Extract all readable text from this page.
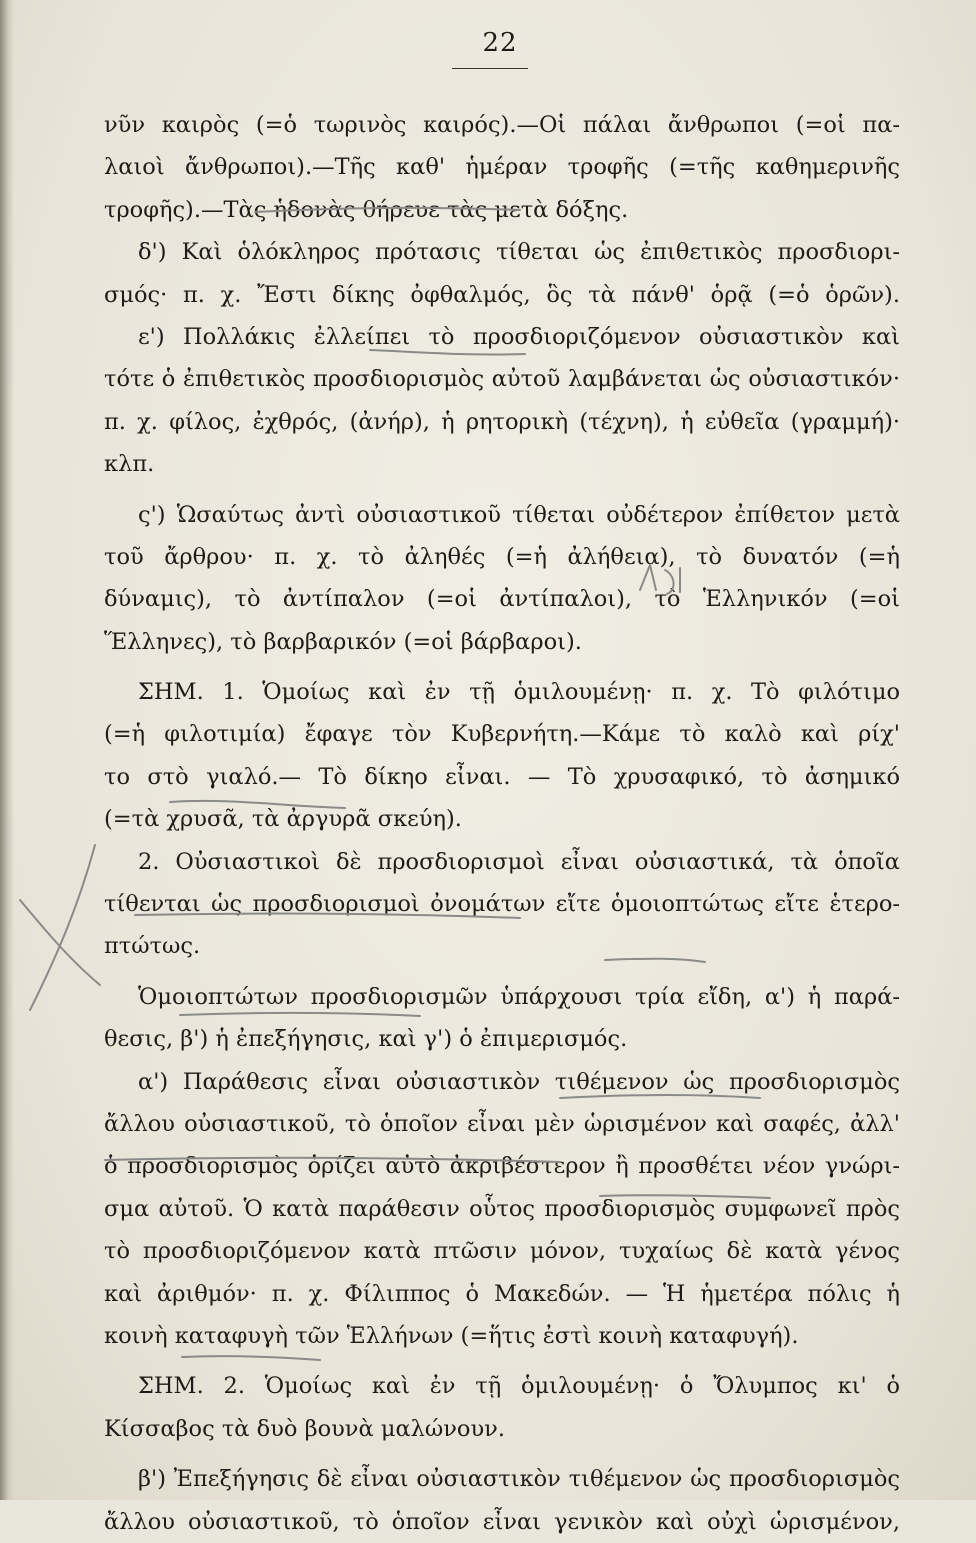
22
νῦν καιρὸς (=ὁ τωρινὸς καιρός).—Οἱ πάλαι ἄνθρωποι (=οἱ πα-
λαιοὶ ἄνθρωποι).—Τῆς καθ' ἡμέραν τροφῆς (=τῆς καθημερινῆς
τροφῆς).—Τὰς ἡδονὰς θήρευε τὰς μετὰ δόξης.
δ') Καὶ ὁλόκληρος πρότασις τίθεται ὡς ἐπιθετικὸς προσδιορι-
σμός· π. χ. Ἔστι δίκης ὀφθαλμός, ὃς τὰ πάνθ' ὁρᾷ (=ὁ ὁρῶν).
ε') Πολλάκις ἐλλείπει τὸ προσδιοριζόμενον οὐσιαστικὸν καὶ
τότε ὁ ἐπιθετικὸς προσδιορισμὸς αὐτοῦ λαμβάνεται ὡς οὐσιαστικόν·
π. χ. φίλος, ἐχθρός, (ἀνήρ), ἡ ρητορικὴ (τέχνη), ἡ εὐθεῖα (γραμμή)·
κλπ.
ς') Ὡσαύτως ἀντὶ οὐσιαστικοῦ τίθεται οὐδέτερον ἐπίθετον μετὰ
τοῦ ἄρθρου· π. χ. τὸ ἀληθές (=ἡ ἀλήθεια), τὸ δυνατόν (=ἡ
δύναμις), τὸ ἀντίπαλον (=οἱ ἀντίπαλοι), τὸ Ἑλληνικόν (=οἱ
Ἕλληνες), τὸ βαρβαρικόν (=οἱ βάρβαροι).
ΣΗΜ. 1. Ὁμοίως καὶ ἐν τῇ ὁμιλουμένῃ· π. χ. Τὸ φιλότιμο
(=ἡ φιλοτιμία) ἔφαγε τὸν Κυβερνήτη.—Κάμε τὸ καλὸ καὶ ρίχ'
το στὸ γιαλό.— Τὸ δίκηο εἶναι. — Τὸ χρυσαφικό, τὸ ἀσημικό
(=τὰ χρυσᾶ, τὰ ἀργυρᾶ σκεύη).
2. Οὐσιαστικοὶ δὲ προσδιορισμοὶ εἶναι οὐσιαστικά, τὰ ὁποῖα
τίθενται ὡς προσδιορισμοὶ ὀνομάτων εἴτε ὁμοιοπτώτως εἴτε ἑτερο-
πτώτως.
Ὁμοιοπτώτων προσδιορισμῶν ὑπάρχουσι τρία εἴδη, α') ἡ παρά-
θεσις, β') ἡ ἐπεξήγησις, καὶ γ') ὁ ἐπιμερισμός.
α') Παράθεσις εἶναι οὐσιαστικὸν τιθέμενον ὡς προσδιορισμὸς
ἄλλου οὐσιαστικοῦ, τὸ ὁποῖον εἶναι μὲν ὡρισμένον καὶ σαφές, ἀλλ'
ὁ προσδιορισμὸς ὁρίζει αὐτὸ ἀκριβέστερον ἢ προσθέτει νέον γνώρι-
σμα αὐτοῦ. Ὁ κατὰ παράθεσιν οὗτος προσδιορισμὸς συμφωνεῖ πρὸς
τὸ προσδιοριζόμενον κατὰ πτῶσιν μόνον, τυχαίως δὲ κατὰ γένος
καὶ ἀριθμόν· π. χ. Φίλιππος ὁ Μακεδών. — Ἡ ἡμετέρα πόλις ἡ
κοινὴ καταφυγὴ τῶν Ἑλλήνων (=ἥτις ἐστὶ κοινὴ καταφυγή).
ΣΗΜ. 2. Ὁμοίως καὶ ἐν τῇ ὁμιλουμένῃ· ὁ Ὄλυμπος κι' ὁ
Κίσσαβος τὰ δυὸ βουνὰ μαλώνουν.
β') Ἐπεξήγησις δὲ εἶναι οὐσιαστικὸν τιθέμενον ὡς προσδιορισμὸς
ἄλλου οὐσιαστικοῦ, τὸ ὁποῖον εἶναι γενικὸν καὶ οὐχὶ ὡρισμένον,
